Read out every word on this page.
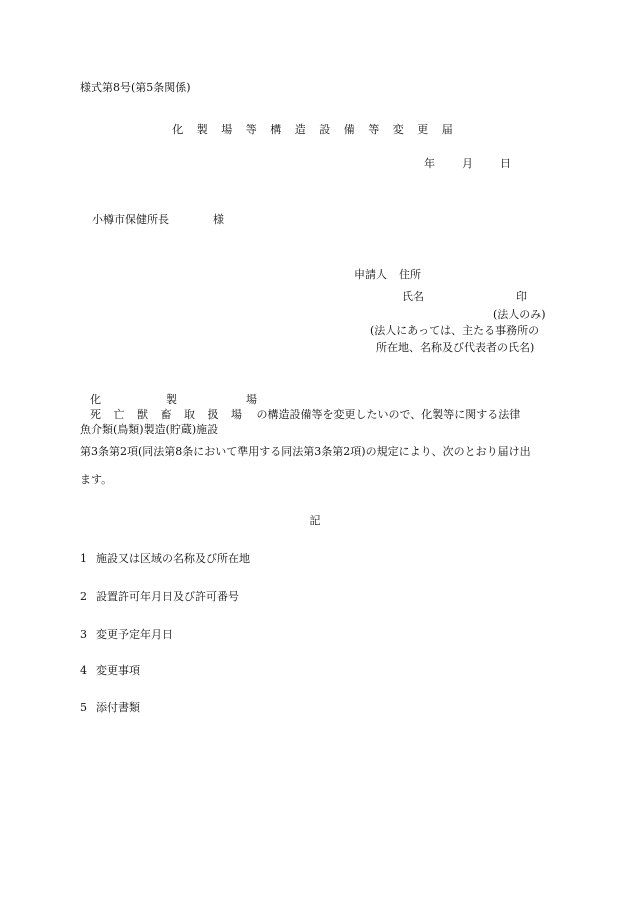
様式第8号(第5条関係)
化 製 場 等 構 造 設 備 等 変 更 届
年 月 日
小樽市保健所長	様
申請人 住所
氏名	印
(法人のみ)
(法人にあっては、主たる事務所の
所在地、名称及び代表者の氏名)
化	製	場
死亡獣畜取扱場 の構造設備等を変更したいので、化製等に関する法律
魚介類(鳥類)製造(貯蔵)施設
第3条第2項(同法第8条において準用する同法第3条第2項)の規定により、次のとおり届け出
ます。
記
1 施設又は区域の名称及び所在地
2 設置許可年月日及び許可番号
3 変更予定年月日
4 変更事項
5 添付書類
